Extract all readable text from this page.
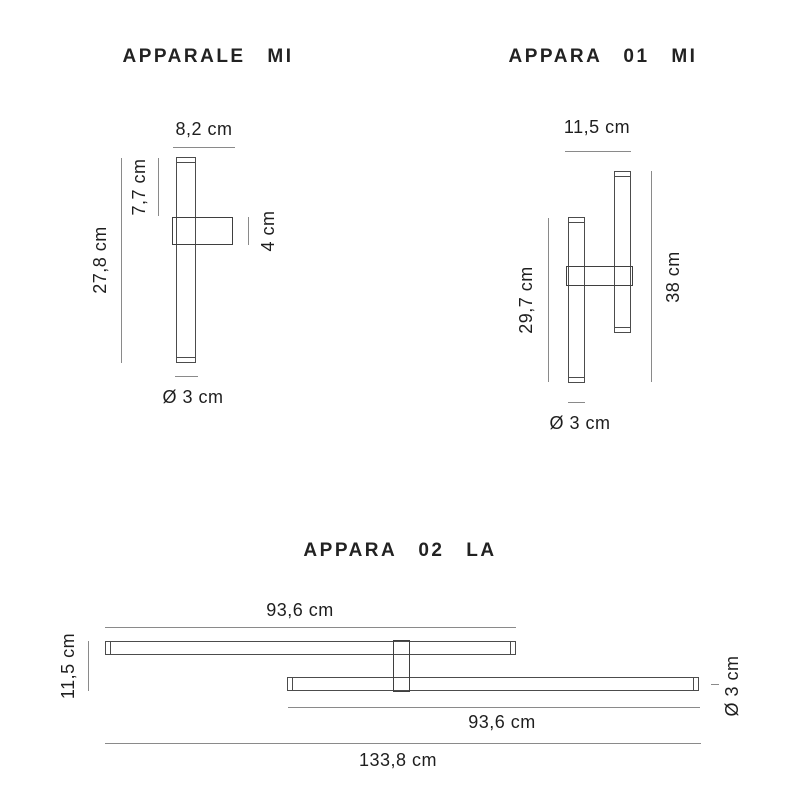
APPARALE MI
8,2 cm
27,8 cm
7,7 cm
4 cm
Ø 3 cm
APPARA 01 MI
11,5 cm
29,7 cm	38 cm
Ø 3 cm
APPARA 02 LA
93,6 cm
11,5 cm
93,6 cm
133,8 cm
Ø 3 cm
